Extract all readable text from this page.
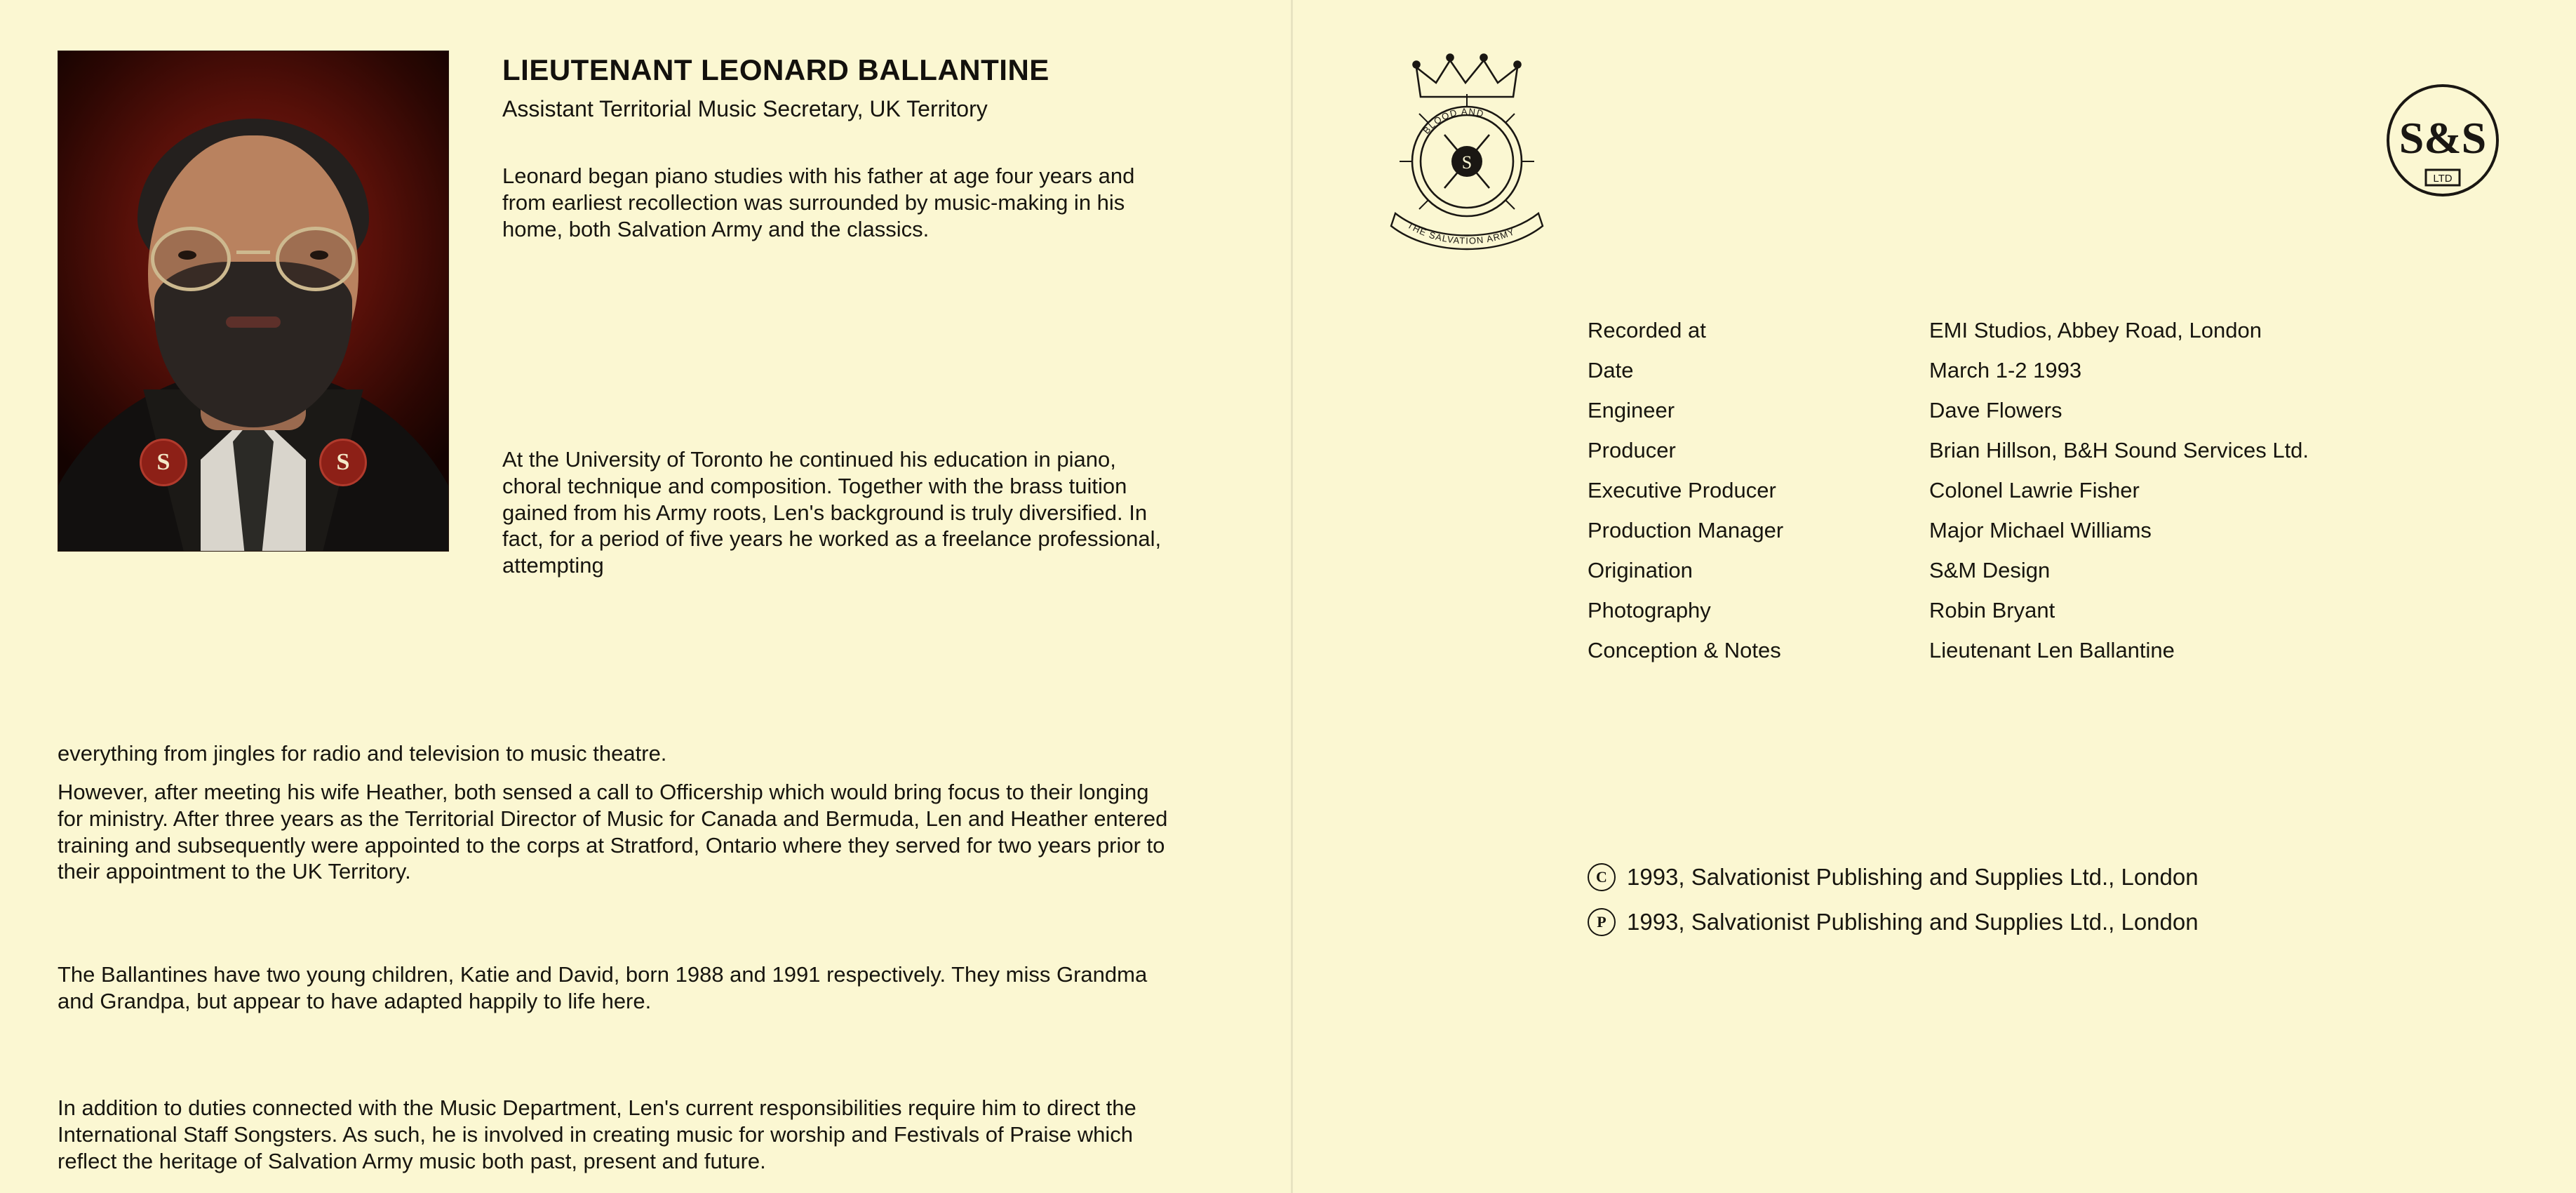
S	S
LIEUTENANT LEONARD BALLANTINE

Assistant Territorial Music Secretary, UK Territory

Leonard began piano studies with his father at age four years and from earliest recollection was surrounded by music-making in his home, both Salvation Army and the classics.
At the University of Toronto he continued his education in piano, choral technique and composition. Together with the brass tuition gained from his Army roots, Len's background is truly diversified. In fact, for a period of five years he worked as a freelance professional, attempting
everything from jingles for radio and television to music theatre.
However, after meeting his wife Heather, both sensed a call to Officership which would bring focus to their longing for ministry. After three years as the Territorial Director of Music for Canada and Bermuda, Len and Heather entered training and subsequently were appointed to the corps at Stratford, Ontario where they served for two years prior to their appointment to the UK Territory.
The Ballantines have two young children, Katie and David, born 1988 and 1991 respectively. They miss Grandma and Grandpa, but appear to have adapted happily to life here.
In addition to duties connected with the Music Department, Len's current responsibilities require him to direct the International Staff Songsters. As such, he is involved in creating music for worship and Festivals of Praise which reflect the heritage of Salvation Army music both past, present and future.
S
BLOOD AND
THE SALVATION ARMY
S&S
LTD
Recorded at	EMI Studios, Abbey Road, London
Date	March 1-2 1993
Engineer	Dave Flowers
Producer	Brian Hillson, B&H Sound Services Ltd.
Executive Producer	Colonel Lawrie Fisher
Production Manager	Major Michael Williams
Origination	S&M Design
Photography	Robin Bryant
Conception & Notes	Lieutenant Len Ballantine
C 1993, Salvationist Publishing and Supplies Ltd., London
P 1993, Salvationist Publishing and Supplies Ltd., London
